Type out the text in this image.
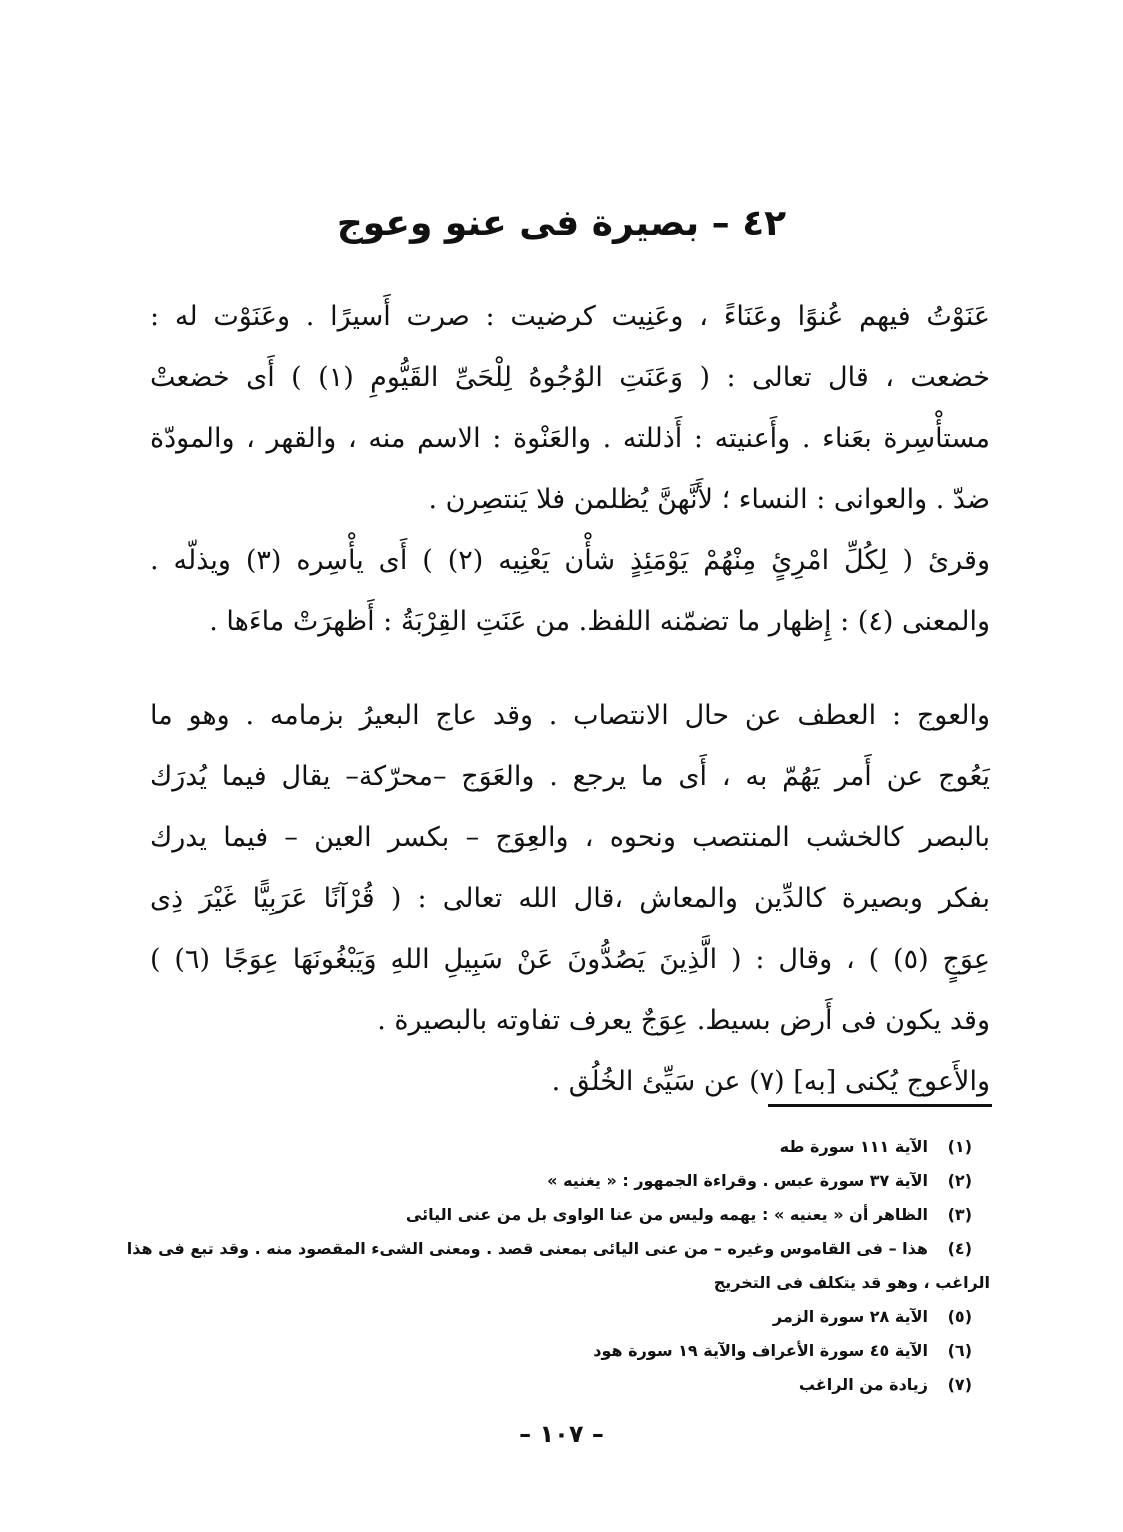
٤٢ – بصيرة فى عنو وعوج
عَنَوْتُ فيهم عُنوًا وعَنَاءً ، وعَنِيت كرضيت : صرت أَسيرًا . وعَنَوْت له :
خضعت ، قال تعالى : ( وَعَنَتِ الوُجُوهُ لِلْحَىِّ القَيُّومِ (١) ) أَى خضعتْ
مستأْسِرة بعَناء . وأَعنيته : أَذللته . والعَنْوة : الاسم منه ، والقهر ، والمودّة
ضدّ . والعوانى : النساء ؛ لأَنَّهنَّ يُظلمن فلا يَنتصِرن .
وقرئ ( لِكُلِّ امْرِئٍ مِنْهُمْ يَوْمَئِذٍ شأْن يَعْنِيه (٢) ) أَى يأْسِره (٣) ويذلّه .
والمعنى (٤) : إِظهار ما تضمّنه اللفظ. من عَنَتِ القِرْبَةُ : أَظهرَتْ ماءَها .
والعوج : العطف عن حال الانتصاب . وقد عاج البعيرُ بزمامه . وهو ما
يَعُوج عن أَمر يَهُمّ به ، أَى ما يرجع . والعَوَج –محرّكة– يقال فيما يُدرَك
بالبصر كالخشب المنتصب ونحوه ، والعِوَج – بكسر العين – فيما يدرك
بفكر وبصيرة كالدِّين والمعاش ،قال الله تعالى : ( قُرْآنًا عَرَبِيًّا غَيْرَ ذِى
عِوَجٍ (٥) ) ، وقال : ( الَّذِينَ يَصُدُّونَ عَنْ سَبِيلِ اللهِ وَيَبْغُونَهَا عِوَجًا (٦) )
وقد يكون فى أَرض بسيط. عِوَجٌ يعرف تفاوته بالبصيرة .
والأَعوج يُكنى [به] (٧) عن سَيِّئ الخُلُق .
(١)الآية ١١١ سورة طه
(٢)الآية ٣٧ سورة عبس . وقراءة الجمهور : « يغنيه »
(٣)الظاهر أن « يعنيه » : يهمه وليس من عنا الواوى بل من عنى اليائى
(٤)هذا – فى القاموس وغيره – من عنى اليائى بمعنى قصد . ومعنى الشىء المقصود منه . وقد تبع فى هذا
الراغب ، وهو قد يتكلف فى التخريج
(٥)الآية ٢٨ سورة الزمر
(٦)الآية ٤٥ سورة الأعراف والآية ١٩ سورة هود
(٧)زيادة من الراغب
– ١٠٧ –
